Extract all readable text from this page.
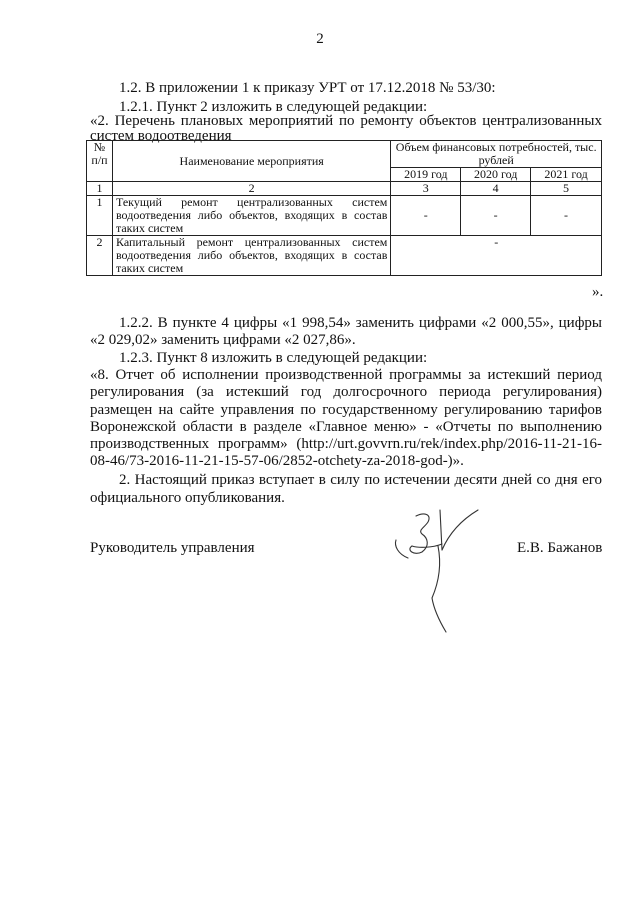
2
1.2. В приложении 1 к приказу УРТ от 17.12.2018 № 53/30:
1.2.1. Пункт 2 изложить в следующей редакции:
«2. Перечень плановых мероприятий по ремонту объектов централизованных
систем водоотведения
№ п/п	Наименование мероприятия	Объем финансовых потребностей, тыс. рублей		
		2019 год	2020 год	2021 год
1	2	3	4	5
1	Текущий ремонт централизованных систем водоотведения либо объектов, входящих в состав таких систем	-	-	-
2	Капитальный ремонт централизованных систем водоотведения либо объектов, входящих в состав таких систем	-		
».
1.2.2. В пункте 4 цифры «1 998,54» заменить цифрами «2 000,55», цифры
«2 029,02» заменить цифрами «2 027,86».
1.2.3. Пункт 8 изложить в следующей редакции:
«8. Отчет об исполнении производственной программы за истекший период
регулирования (за истекший год долгосрочного периода регулирования)
размещен на сайте управления по государственному регулированию тарифов
Воронежской области в разделе «Главное меню» - «Отчеты по выполнению
производственных программ» (http://urt.govvrn.ru/rek/index.php/2016-11-21-16-
08-46/73-2016-11-21-15-57-06/2852-otchety-za-2018-god-)».
2. Настоящий приказ вступает в силу по истечении десяти дней со дня его
официального опубликования.
Руководитель управления	Е.В. Бажанов
